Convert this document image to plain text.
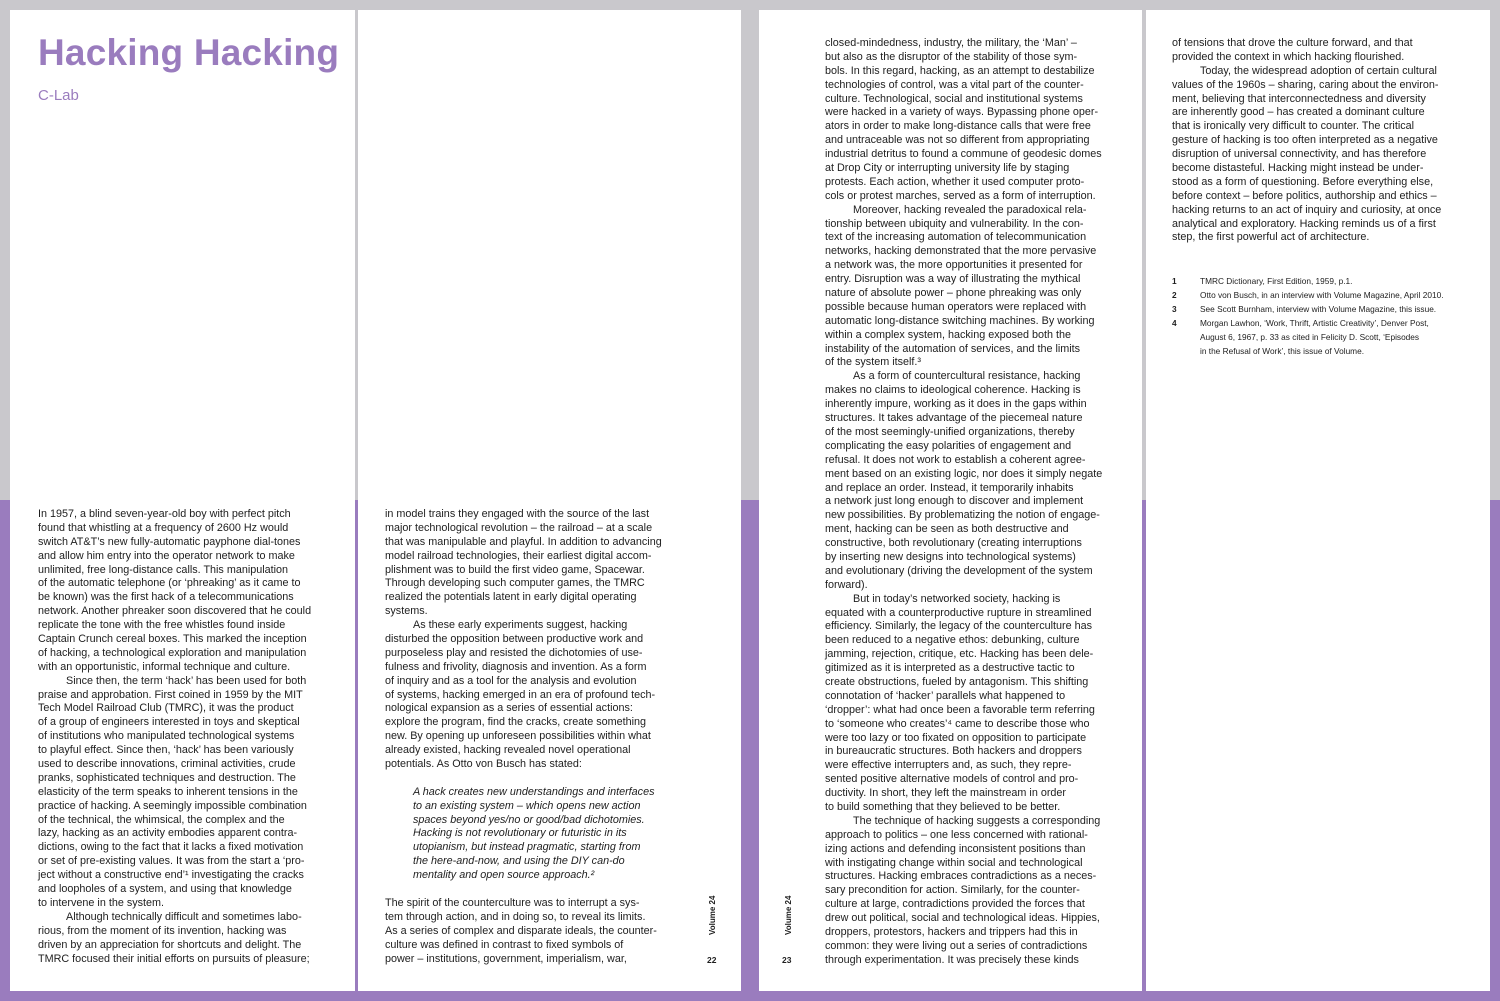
Hacking Hacking

C-Lab

In 1957, a blind seven-year-old boy with perfect pitch
found that whistling at a frequency of 2600 Hz would
switch AT&T’s new fully-automatic payphone dial-tones
and allow him entry into the operator network to make
unlimited, free long-distance calls. This manipulation
of the automatic telephone (or ‘phreaking’ as it came to
be known) was the first hack of a telecommunications
network. Another phreaker soon discovered that he could
replicate the tone with the free whistles found inside
Captain Crunch cereal boxes. This marked the inception
of hacking, a technological exploration and manipulation
with an opportunistic, informal technique and culture.
Since then, the term ‘hack’ has been used for both
praise and approbation. First coined in 1959 by the MIT
Tech Model Railroad Club (TMRC), it was the product
of a group of engineers interested in toys and skeptical
of institutions who manipulated technological systems
to playful effect. Since then, ‘hack’ has been variously
used to describe innovations, criminal activities, crude
pranks, sophisticated techniques and destruction. The
elasticity of the term speaks to inherent tensions in the
practice of hacking. A seemingly impossible combination
of the technical, the whimsical, the complex and the
lazy, hacking as an activity embodies apparent contra-
dictions, owing to the fact that it lacks a fixed motivation
or set of pre-existing values. It was from the start a ‘pro-
ject without a constructive end’¹ investigating the cracks
and loopholes of a system, and using that knowledge
to intervene in the system.
Although technically difficult and sometimes labo-
rious, from the moment of its invention, hacking was
driven by an appreciation for shortcuts and delight. The
TMRC focused their initial efforts on pursuits of pleasure;
in model trains they engaged with the source of the last
major technological revolution – the railroad – at a scale
that was manipulable and playful. In addition to advancing
model railroad technologies, their earliest digital accom-
plishment was to build the first video game, Spacewar.
Through developing such computer games, the TMRC
realized the potentials latent in early digital operating
systems.
As these early experiments suggest, hacking
disturbed the opposition between productive work and
purposeless play and resisted the dichotomies of use-
fulness and frivolity, diagnosis and invention. As a form
of inquiry and as a tool for the analysis and evolution
of systems, hacking emerged in an era of profound tech-
nological expansion as a series of essential actions:
explore the program, find the cracks, create something
new. By opening up unforeseen possibilities within what
already existed, hacking revealed novel operational
potentials. As Otto von Busch has stated:
A hack creates new understandings and interfaces
to an existing system – which opens new action
spaces beyond yes/no or good/bad dichotomies.
Hacking is not revolutionary or futuristic in its
utopianism, but instead pragmatic, starting from
the here-and-now, and using the DIY can-do
mentality and open source approach.²
The spirit of the counterculture was to interrupt a sys-
tem through action, and in doing so, to reveal its limits.
As a series of complex and disparate ideals, the counter-
culture was defined in contrast to fixed symbols of
power – institutions, government, imperialism, war,
closed-mindedness, industry, the military, the ‘Man’ –
but also as the disruptor of the stability of those sym-
bols. In this regard, hacking, as an attempt to destabilize
technologies of control, was a vital part of the counter-
culture. Technological, social and institutional systems
were hacked in a variety of ways. Bypassing phone oper-
ators in order to make long-distance calls that were free
and untraceable was not so different from appropriating
industrial detritus to found a commune of geodesic domes
at Drop City or interrupting university life by staging
protests. Each action, whether it used computer proto-
cols or protest marches, served as a form of interruption.
Moreover, hacking revealed the paradoxical rela-
tionship between ubiquity and vulnerability. In the con-
text of the increasing automation of telecommunication
networks, hacking demonstrated that the more pervasive
a network was, the more opportunities it presented for
entry. Disruption was a way of illustrating the mythical
nature of absolute power – phone phreaking was only
possible because human operators were replaced with
automatic long-distance switching machines. By working
within a complex system, hacking exposed both the
instability of the automation of services, and the limits
of the system itself.³
As a form of countercultural resistance, hacking
makes no claims to ideological coherence. Hacking is
inherently impure, working as it does in the gaps within
structures. It takes advantage of the piecemeal nature
of the most seemingly-unified organizations, thereby
complicating the easy polarities of engagement and
refusal. It does not work to establish a coherent agree-
ment based on an existing logic, nor does it simply negate
and replace an order. Instead, it temporarily inhabits
a network just long enough to discover and implement
new possibilities. By problematizing the notion of engage-
ment, hacking can be seen as both destructive and
constructive, both revolutionary (creating interruptions
by inserting new designs into technological systems)
and evolutionary (driving the development of the system
forward).
But in today’s networked society, hacking is
equated with a counterproductive rupture in streamlined
efficiency. Similarly, the legacy of the counterculture has
been reduced to a negative ethos: debunking, culture
jamming, rejection, critique, etc. Hacking has been dele-
gitimized as it is interpreted as a destructive tactic to
create obstructions, fueled by antagonism. This shifting
connotation of ‘hacker’ parallels what happened to
‘dropper’: what had once been a favorable term referring
to ‘someone who creates’⁴ came to describe those who
were too lazy or too fixated on opposition to participate
in bureaucratic structures. Both hackers and droppers
were effective interrupters and, as such, they repre-
sented positive alternative models of control and pro-
ductivity. In short, they left the mainstream in order
to build something that they believed to be better.
The technique of hacking suggests a corresponding
approach to politics – one less concerned with rational-
izing actions and defending inconsistent positions than
with instigating change within social and technological
structures. Hacking embraces contradictions as a neces-
sary precondition for action. Similarly, for the counter-
culture at large, contradictions provided the forces that
drew out political, social and technological ideas. Hippies,
droppers, protestors, hackers and trippers had this in
common: they were living out a series of contradictions
through experimentation. It was precisely these kinds
of tensions that drove the culture forward, and that
provided the context in which hacking flourished.
Today, the widespread adoption of certain cultural
values of the 1960s – sharing, caring about the environ-
ment, believing that interconnectedness and diversity
are inherently good – has created a dominant culture
that is ironically very difficult to counter. The critical
gesture of hacking is too often interpreted as a negative
disruption of universal connectivity, and has therefore
become distasteful. Hacking might instead be under-
stood as a form of questioning. Before everything else,
before context – before politics, authorship and ethics –
hacking returns to an act of inquiry and curiosity, at once
analytical and exploratory. Hacking reminds us of a first
step, the first powerful act of architecture.
1	TMRC Dictionary, First Edition, 1959, p.1.
2	Otto von Busch, in an interview with Volume Magazine, April 2010.
3	See Scott Burnham, interview with Volume Magazine, this issue.
4	Morgan Lawhon, ‘Work, Thrift, Artistic Creativity’, Denver Post,
August 6, 1967, p. 33 as cited in Felicity D. Scott, ‘Episodes
in the Refusal of Work’, this issue of Volume.
Volume 24
22
Volume 24
23
